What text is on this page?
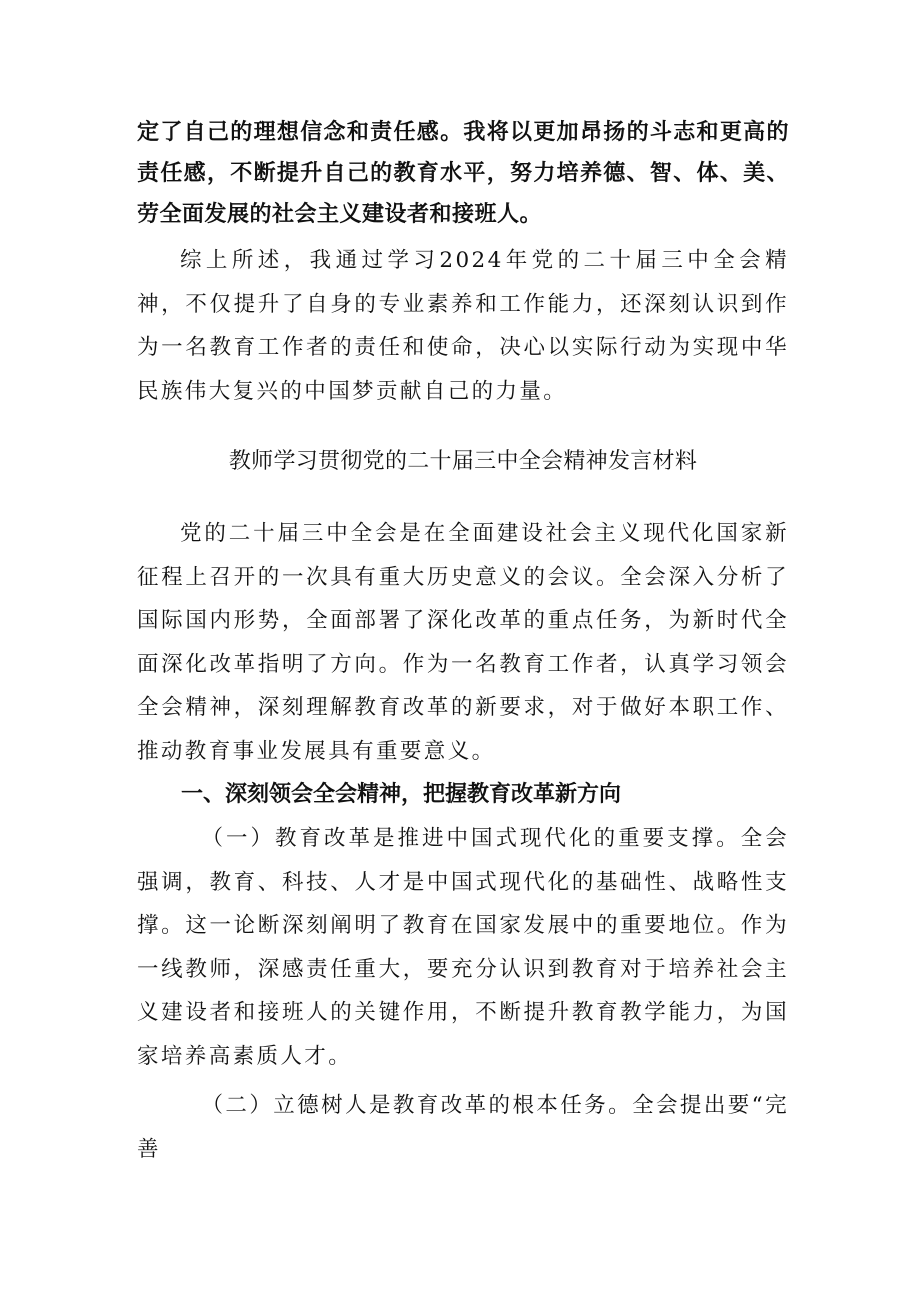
定了自己的理想信念和责任感。我将以更加昂扬的斗志和更高的责任感，不断提升自己的教育水平，努力培养德、智、体、美、劳全面发展的社会主义建设者和接班人。

综上所述，我通过学习2024年党的二十届三中全会精神，不仅提升了自身的专业素养和工作能力，还深刻认识到作为一名教育工作者的责任和使命，决心以实际行动为实现中华民族伟大复兴的中国梦贡献自己的力量。

教师学习贯彻党的二十届三中全会精神发言材料

党的二十届三中全会是在全面建设社会主义现代化国家新征程上召开的一次具有重大历史意义的会议。全会深入分析了国际国内形势，全面部署了深化改革的重点任务，为新时代全面深化改革指明了方向。作为一名教育工作者，认真学习领会全会精神，深刻理解教育改革的新要求，对于做好本职工作、推动教育事业发展具有重要意义。

一、深刻领会全会精神，把握教育改革新方向

（一）教育改革是推进中国式现代化的重要支撑。全会强调，教育、科技、人才是中国式现代化的基础性、战略性支撑。这一论断深刻阐明了教育在国家发展中的重要地位。作为一线教师，深感责任重大，要充分认识到教育对于培养社会主义建设者和接班人的关键作用，不断提升教育教学能力，为国家培养高素质人才。

（二）立德树人是教育改革的根本任务。全会提出要“完善
